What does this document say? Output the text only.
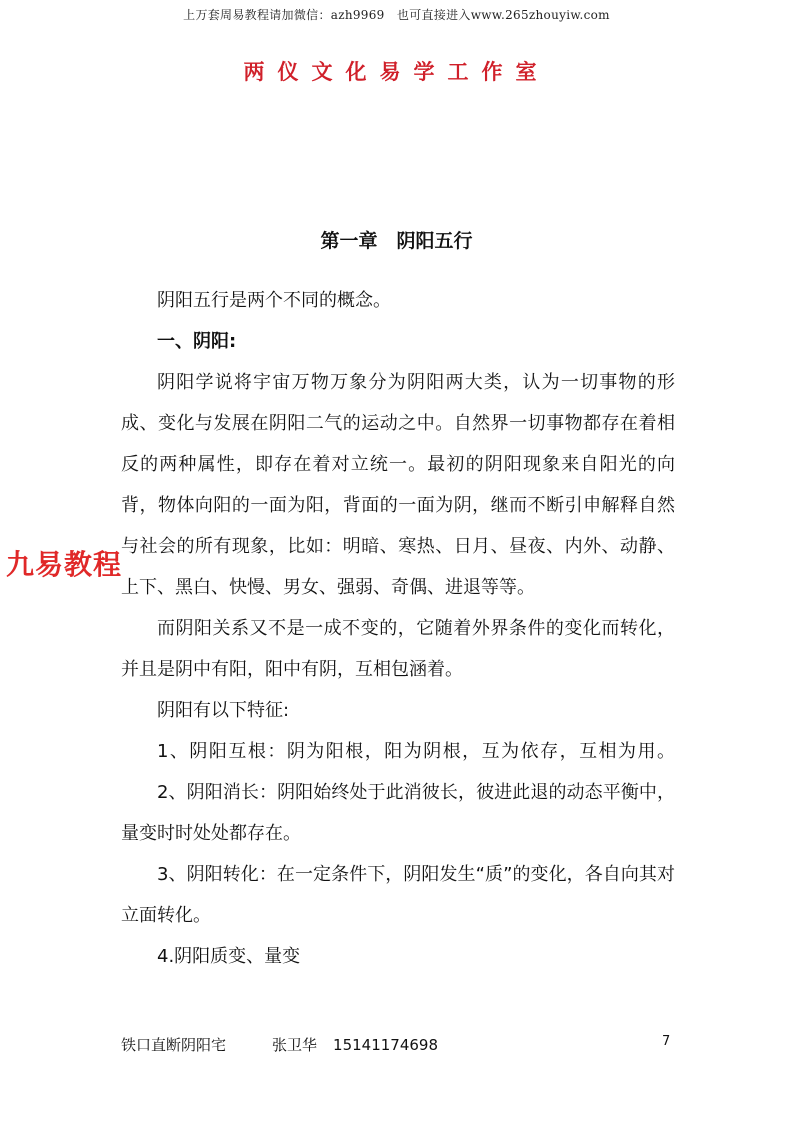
上万套周易教程请加微信：azh9969　也可直接进入www.265zhouyiw.com
两仪文化易学工作室
第一章　阴阳五行

阴阳五行是两个不同的概念。

一、阴阳:

阴阳学说将宇宙万物万象分为阴阳两大类，认为一切事物的形成、变化与发展在阴阳二气的运动之中。自然界一切事物都存在着相反的两种属性，即存在着对立统一。最初的阴阳现象来自阳光的向背，物体向阳的一面为阳，背面的一面为阴，继而不断引申解释自然与社会的所有现象，比如：明暗、寒热、日月、昼夜、内外、动静、上下、黑白、快慢、男女、强弱、奇偶、进退等等。

而阴阳关系又不是一成不变的，它随着外界条件的变化而转化，并且是阴中有阳，阳中有阴，互相包涵着。

阴阳有以下特征:

1、阴阳互根：阴为阳根，阳为阴根，互为依存，互相为用。

2、阴阳消长：阴阳始终处于此消彼长，彼进此退的动态平衡中，量变时时处处都存在。

3、阴阳转化：在一定条件下，阴阳发生“质”的变化，各自向其对立面转化。

4.阴阳质变、量变

九易教程
铁口直断阴阳宅	张卫华 15141174698	7
